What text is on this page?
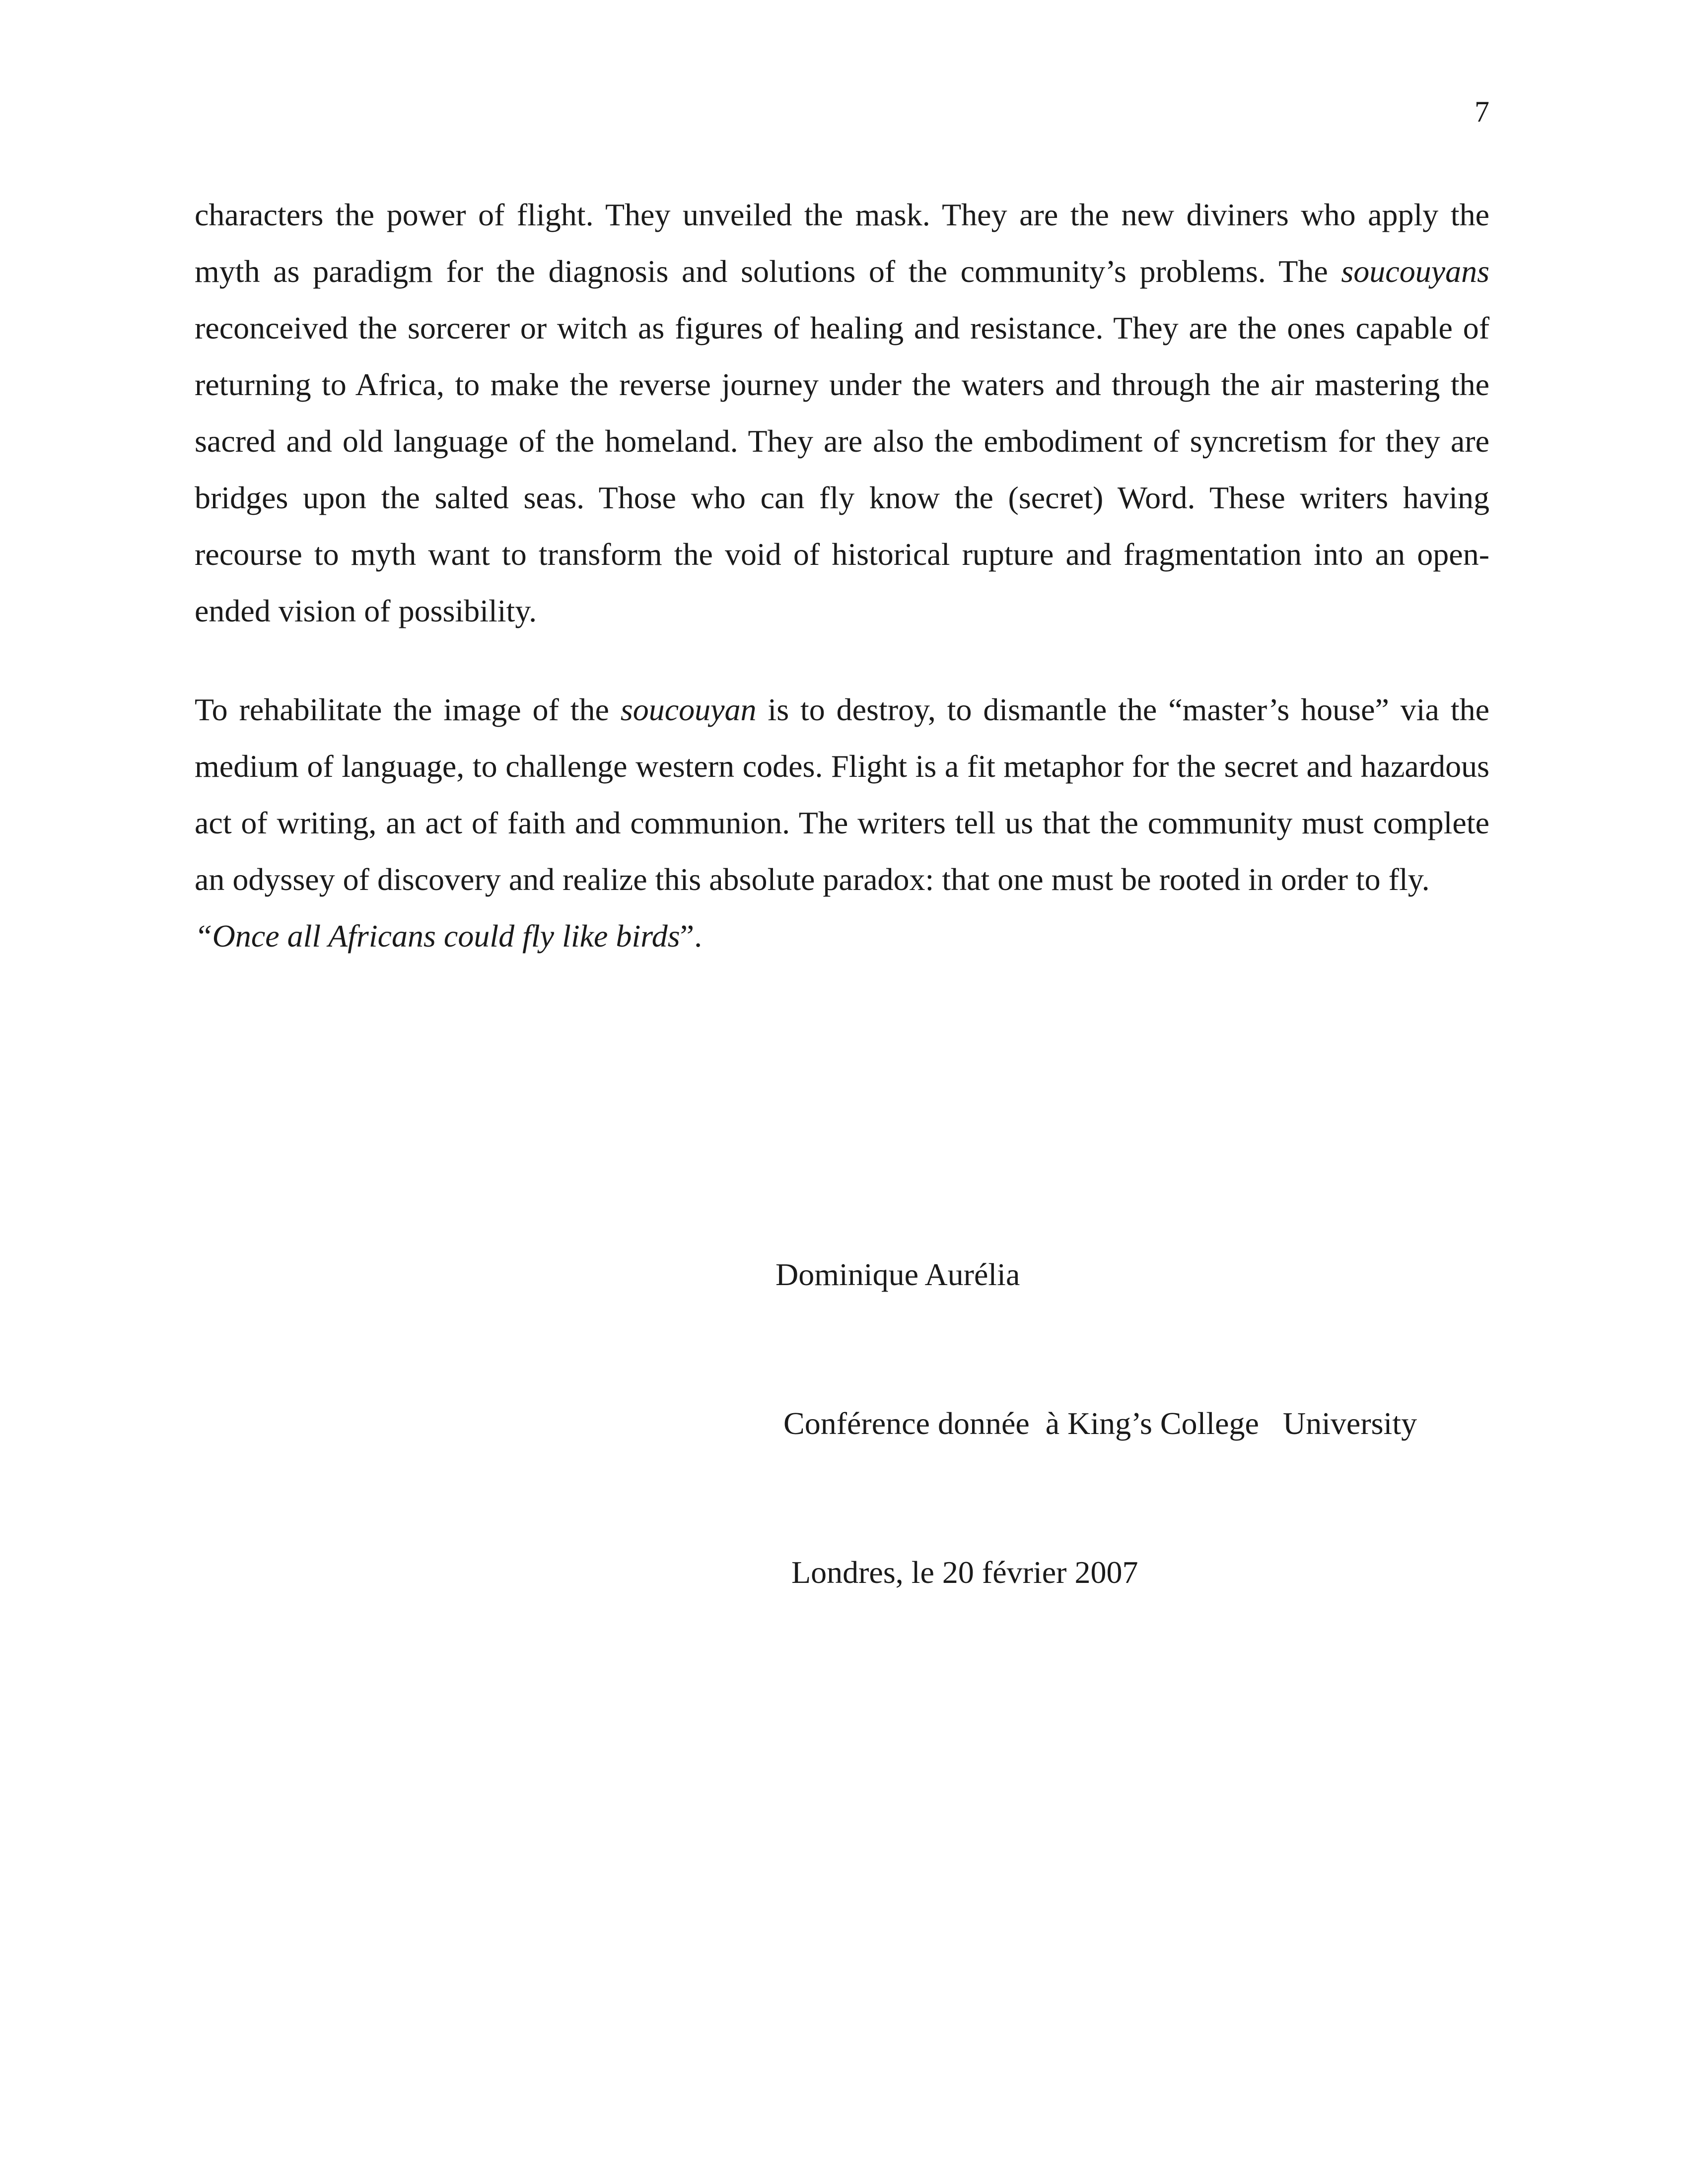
7

characters the power of flight. They unveiled the mask. They are the new diviners who apply the myth as paradigm for the diagnosis and solutions of the community’s problems. The soucouyans reconceived the sorcerer or witch as figures of healing and resistance. They are the ones capable of returning to Africa, to make the reverse journey under the waters and through the air mastering the sacred and old language of the homeland. They are also the embodiment of syncretism for they are bridges upon the salted seas. Those who can fly know the (secret) Word. These writers having recourse to myth want to transform the void of historical rupture and fragmentation into an open-ended vision of possibility.

To rehabilitate the image of the soucouyan is to destroy, to dismantle the “master’s house” via the medium of language, to challenge western codes. Flight is a fit metaphor for the secret and hazardous act of writing, an act of faith and communion. The writers tell us that the community must complete an odyssey of discovery and realize this absolute paradox: that one must be rooted in order to fly.

“Once all Africans could fly like birds”.

Dominique Aurélia

Conférence donnée  à King’s College   University

Londres, le 20 février 2007
